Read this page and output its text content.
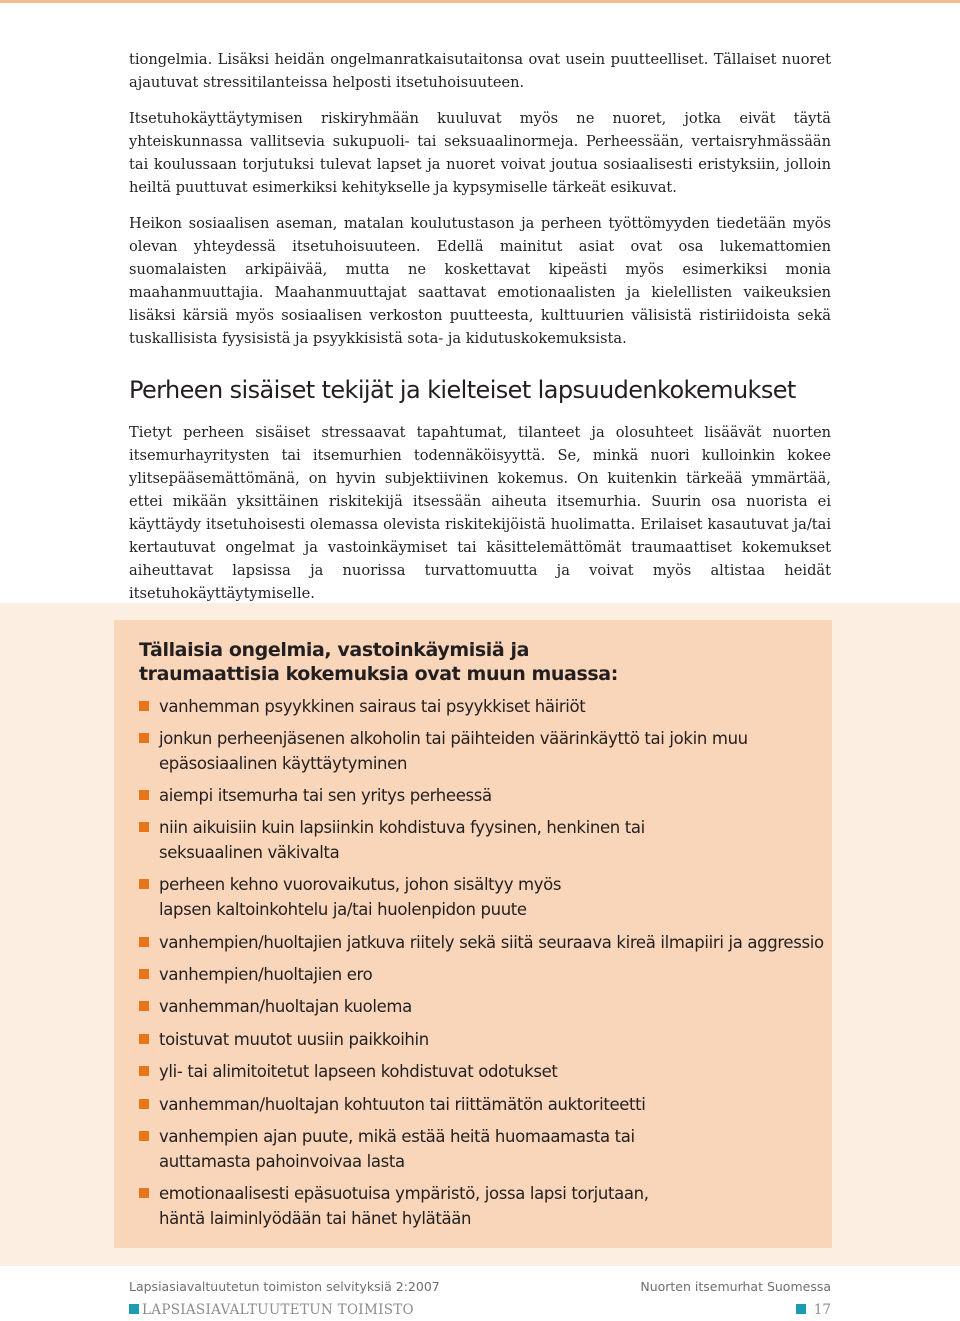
tiongelmia. Lisäksi heidän ongelmanratkaisutaitonsa ovat usein puutteelliset. Tällaiset nuoret ajautuvat stressitilanteissa helposti itsetuhoisuuteen.

Itsetuhokäyttäytymisen riskiryhmään kuuluvat myös ne nuoret, jotka eivät täytä yhteiskunnassa vallitsevia sukupuoli- tai seksuaalinormeja. Perheessään, vertaisryhmässään tai koulussaan torjutuksi tulevat lapset ja nuoret voivat joutua sosiaalisesti eristyksiin, jolloin heiltä puuttuvat esimerkiksi kehitykselle ja kypsymiselle tärkeät esikuvat.

Heikon sosiaalisen aseman, matalan koulutustason ja perheen työttömyyden tiedetään myös olevan yhteydessä itsetuhoisuuteen. Edellä mainitut asiat ovat osa lukemattomien suomalaisten arkipäivää, mutta ne koskettavat kipeästi myös esimerkiksi monia maahanmuuttajia. Maahanmuuttajat saattavat emotionaalisten ja kielellisten vaikeuksien lisäksi kärsiä myös sosiaalisen verkoston puutteesta, kulttuurien välisistä ristiriidoista sekä tuskallisista fyysisistä ja psyykkisistä sota- ja kidutuskokemuksista.

Perheen sisäiset tekijät ja kielteiset lapsuudenkokemukset

Tietyt perheen sisäiset stressaavat tapahtumat, tilanteet ja olosuhteet lisäävät nuorten itsemurhayritysten tai itsemurhien todennäköisyyttä. Se, minkä nuori kulloinkin kokee ylitsepääsemättömänä, on hyvin subjektiivinen kokemus. On kuitenkin tärkeää ymmärtää, ettei mikään yksittäinen riskitekijä itsessään aiheuta itsemurhia. Suurin osa nuorista ei käyttäydy itsetuhoisesti olemassa olevista riskitekijöistä huolimatta. Erilaiset kasautuvat ja/tai kertautuvat ongelmat ja vastoinkäymiset tai käsittelemättömät traumaattiset kokemukset aiheuttavat lapsissa ja nuorissa turvattomuutta ja voivat myös altistaa heidät itsetuhokäyttäytymiselle.

Tällaisia ongelmia, vastoinkäymisiä ja
traumaattisia kokemuksia ovat muun muassa:
vanhemman psyykkinen sairaus tai psyykkiset häiriöt
jonkun perheenjäsenen alkoholin tai päihteiden väärinkäyttö tai jokin muu
epäsosiaalinen käyttäytyminen
aiempi itsemurha tai sen yritys perheessä
niin aikuisiin kuin lapsiinkin kohdistuva fyysinen, henkinen tai
seksuaalinen väkivalta
perheen kehno vuorovaikutus, johon sisältyy myös
lapsen kaltoinkohtelu ja/tai huolenpidon puute
vanhempien/huoltajien jatkuva riitely sekä siitä seuraava kireä ilmapiiri ja aggressio
vanhempien/huoltajien ero
vanhemman/huoltajan kuolema
toistuvat muutot uusiin paikkoihin
yli- tai alimitoitetut lapseen kohdistuvat odotukset
vanhemman/huoltajan kohtuuton tai riittämätön auktoriteetti
vanhempien ajan puute, mikä estää heitä huomaamasta tai
auttamasta pahoinvoivaa lasta
emotionaalisesti epäsuotuisa ympäristö, jossa lapsi torjutaan,
häntä laiminlyödään tai hänet hylätään
Lapsiasiavaltuutetun toimiston selvityksiä 2:2007	Nuorten itsemurhat Suomessa
LAPSIASIAVALTUUTETUN TOIMISTO	17
